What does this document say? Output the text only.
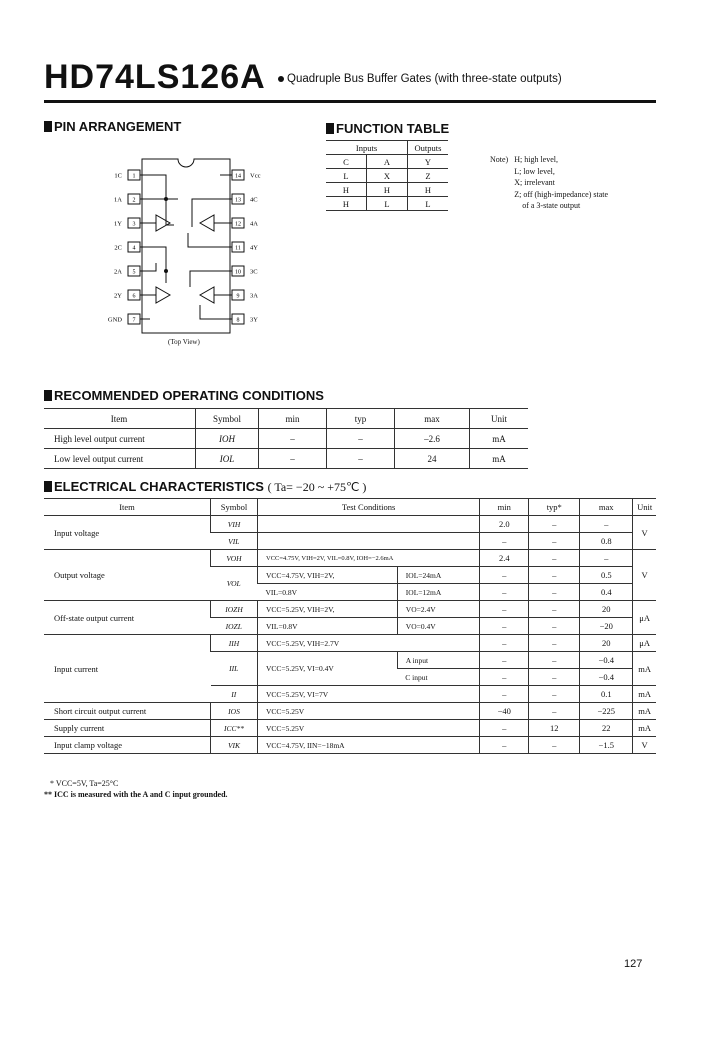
HD74LS126A	Quadruple Bus Buffer Gates (with three-state outputs)
PIN ARRANGEMENT
1
1C
2
1A
3
1Y
4
2C
5
2A
6
2Y
7
GND
14 Vcc
13 4C
12 4A
11 4Y
10 3C
9 3A
8 3Y
(Top View)
FUNCTION TABLE
Inputs		Outputs
C	A	Y
L	X	Z
H	H	H
H	L	L
Note) H; high level,
L; low level,
X; irrelevant
Z; off (high-impedance) state
of a 3-state output
RECOMMENDED OPERATING CONDITIONS
Item	Symbol	min	typ	max	Unit
High level output current	IOH	–	–	–2.6	mA
Low level output current	IOL	–	–	24	mA
ELECTRICAL CHARACTERISTICS ( Ta= −20 ~ +75℃ )
Item	Symbol	Test Conditions		min	typ*	max	Unit
Input voltage	VIH			2.0	–	–	V
	VIL			–	–	0.8	
Output voltage	VOH	VCC=4.75V, VIH=2V, VIL=0.8V, IOH=−2.6mA		2.4	–	–	V
	VOL	VCC=4.75V, VIH=2V,	IOL=24mA	–	–	0.5	
		VIL=0.8V	IOL=12mA	–	–	0.4	
Off-state output current	IOZH	VCC=5.25V, VIH=2V,	VO=2.4V	–	–	20	μA
	IOZL	VIL=0.8V	VO=0.4V	–	–	−20	
Input current	IIH	VCC=5.25V, VIH=2.7V		–	–	20	μA
	IIL	VCC=5.25V, VI=0.4V	A input	–	–	−0.4	mA
			C input	–	–	−0.4	
	II	VCC=5.25V, VI=7V		–	–	0.1	mA
Short circuit output current	IOS	VCC=5.25V		−40	–	−225	mA
Supply current	ICC**	VCC=5.25V		–	12	22	mA
Input clamp voltage	VIK	VCC=4.75V, IIN=−18mA		–	–	−1.5	V
* VCC=5V, Ta=25°C
** ICC is measured with the A and C input grounded.
127
